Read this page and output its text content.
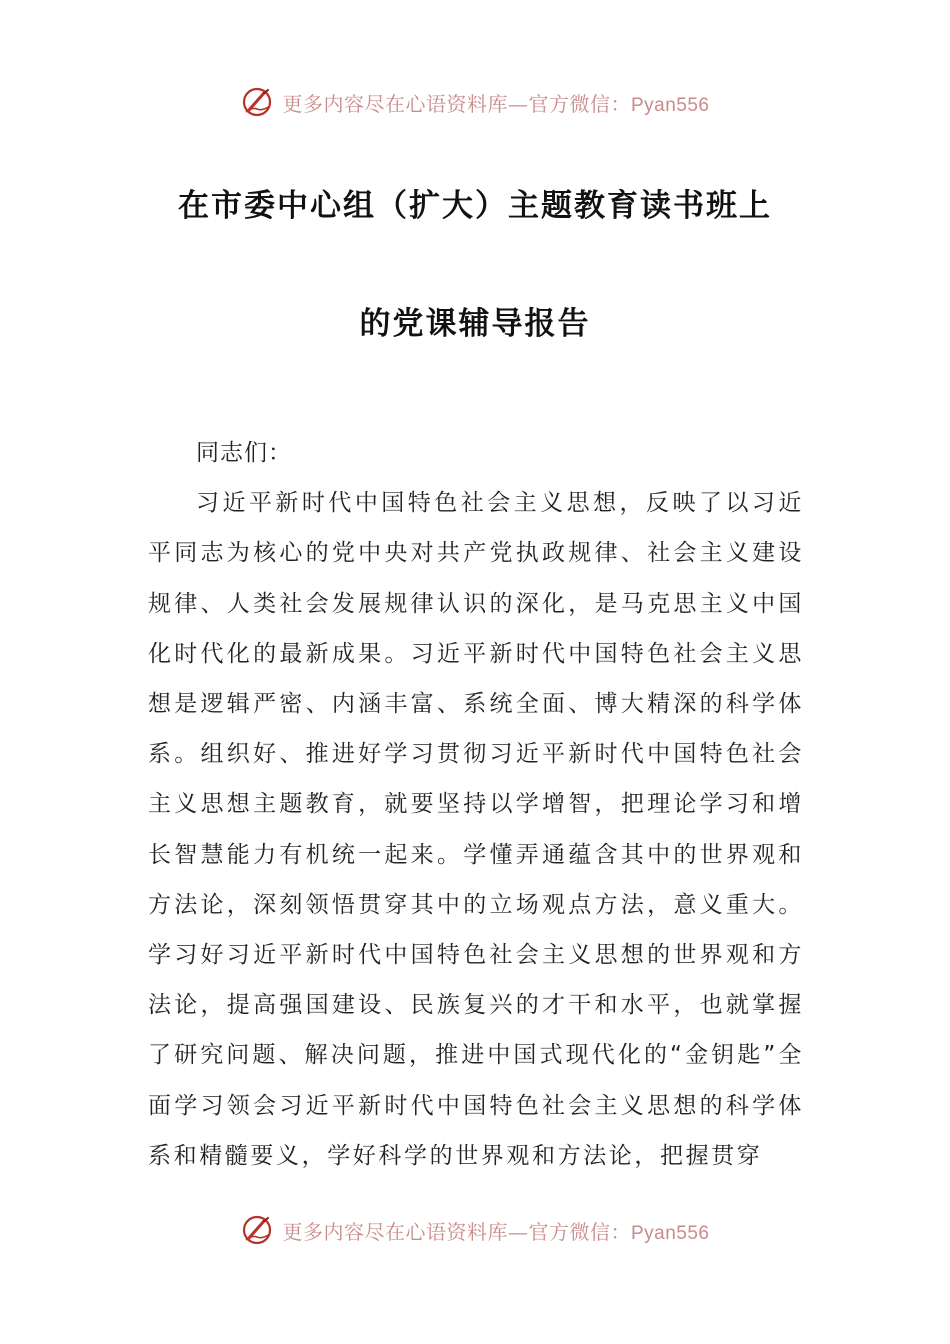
更多内容尽在心语资料库—官方微信：Pyan556
在市委中心组（扩大）主题教育读书班上
的党课辅导报告
同志们：
习近平新时代中国特色社会主义思想，反映了以习近平同志为核心的党中央对共产党执政规律、社会主义建设规律、人类社会发展规律认识的深化，是马克思主义中国化时代化的最新成果。习近平新时代中国特色社会主义思想是逻辑严密、内涵丰富、系统全面、博大精深的科学体系。组织好、推进好学习贯彻习近平新时代中国特色社会主义思想主题教育，就要坚持以学增智，把理论学习和增长智慧能力有机统一起来。学懂弄通蕴含其中的世界观和方法论，深刻领悟贯穿其中的立场观点方法，意义重大。学习好习近平新时代中国特色社会主义思想的世界观和方法论，提高强国建设、民族复兴的才干和水平，也就掌握了研究问题、解决问题，推进中国式现代化的“金钥匙”全面学习领会习近平新时代中国特色社会主义思想的科学体系和精髓要义，学好科学的世界观和方法论，把握贯穿
更多内容尽在心语资料库—官方微信：Pyan556
